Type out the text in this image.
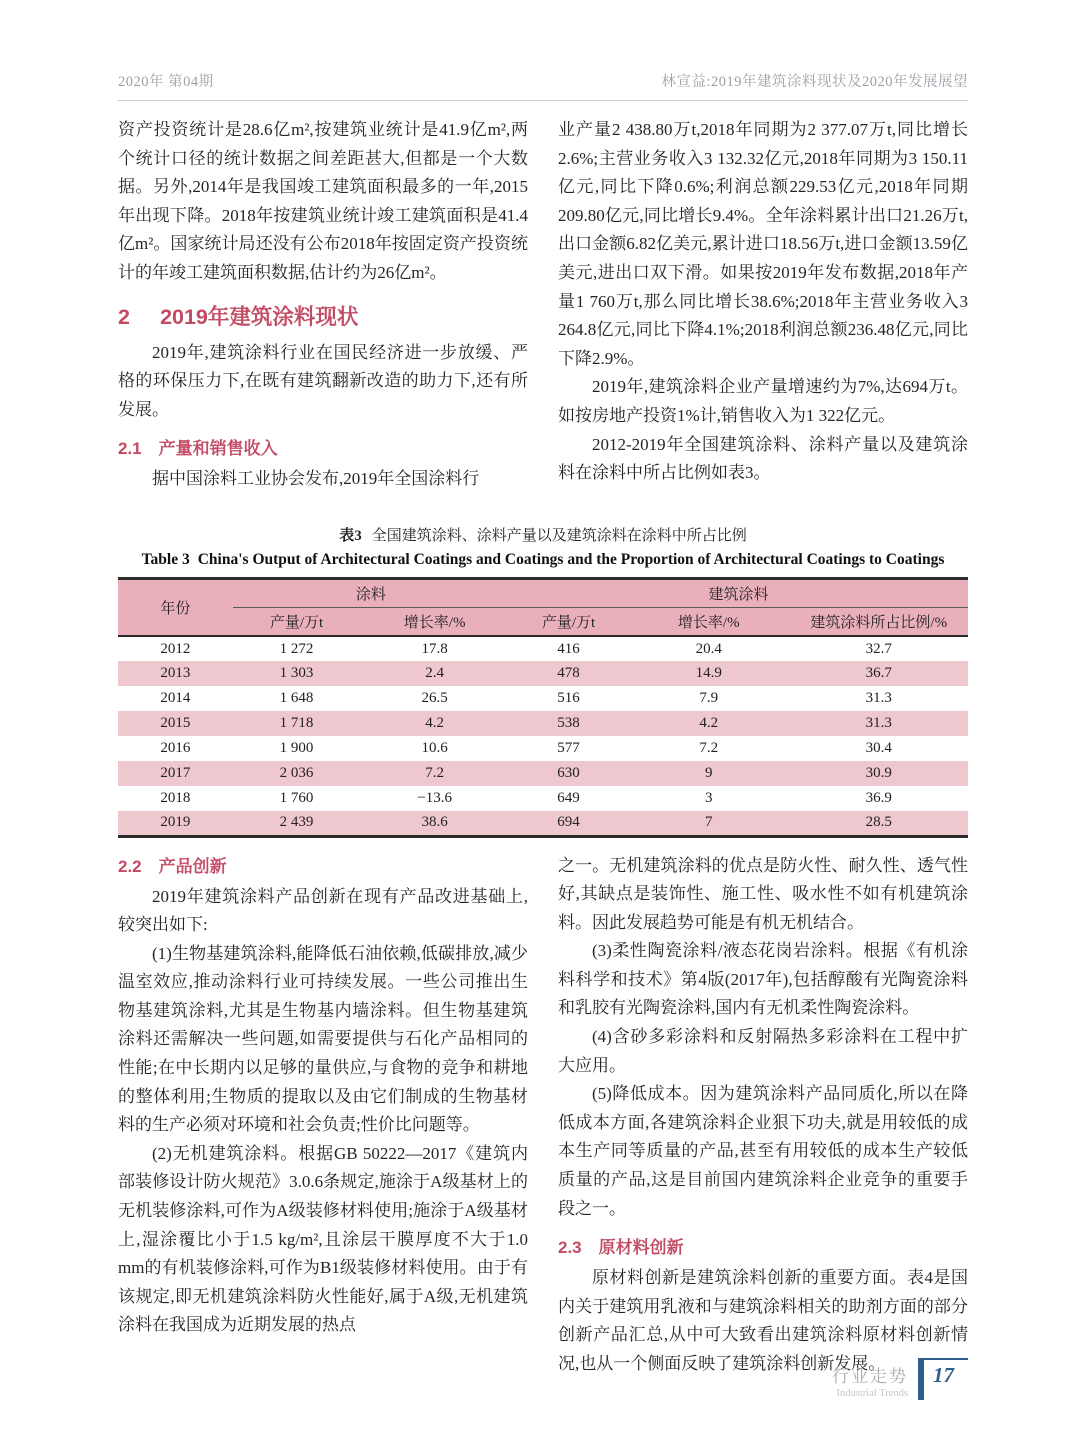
2020年 第04期	林宣益:2019年建筑涂料现状及2020年发展展望

资产投资统计是28.6亿m²,按建筑业统计是41.9亿m²,两个统计口径的统计数据之间差距甚大,但都是一个大数据。另外,2014年是我国竣工建筑面积最多的一年,2015年出现下降。2018年按建筑业统计竣工建筑面积是41.4亿m²。国家统计局还没有公布2018年按固定资产投资统计的年竣工建筑面积数据,估计约为26亿m²。

2 2019年建筑涂料现状

2019年,建筑涂料行业在国民经济进一步放缓、严格的环保压力下,在既有建筑翻新改造的助力下,还有所发展。

2.1 产量和销售收入

据中国涂料工业协会发布,2019年全国涂料行

业产量2 438.80万t,2018年同期为2 377.07万t,同比增长2.6%;主营业务收入3 132.32亿元,2018年同期为3 150.11亿元,同比下降0.6%;利润总额229.53亿元,2018年同期209.80亿元,同比增长9.4%。全年涂料累计出口21.26万t,出口金额6.82亿美元,累计进口18.56万t,进口金额13.59亿美元,进出口双下滑。如果按2019年发布数据,2018年产量1 760万t,那么同比增长38.6%;2018年主营业务收入3 264.8亿元,同比下降4.1%;2018利润总额236.48亿元,同比下降2.9%。

2019年,建筑涂料企业产量增速约为7%,达694万t。如按房地产投资1%计,销售收入为1 322亿元。

2012-2019年全国建筑涂料、涂料产量以及建筑涂料在涂料中所占比例如表3。

表3 全国建筑涂料、涂料产量以及建筑涂料在涂料中所占比例

Table 3 China's Output of Architectural Coatings and Coatings and the Proportion of Architectural Coatings to Coatings

年份	涂料		建筑涂料		
	产量/万t	增长率/%	产量/万t	增长率/%	建筑涂料所占比例/%
2012	1 272	17.8	416	20.4	32.7
2013	1 303	2.4	478	14.9	36.7
2014	1 648	26.5	516	7.9	31.3
2015	1 718	4.2	538	4.2	31.3
2016	1 900	10.6	577	7.2	30.4
2017	2 036	7.2	630	9	30.9
2018	1 760	−13.6	649	3	36.9
2019	2 439	38.6	694	7	28.5
2.2 产品创新

2019年建筑涂料产品创新在现有产品改进基础上,较突出如下:

(1)生物基建筑涂料,能降低石油依赖,低碳排放,减少温室效应,推动涂料行业可持续发展。一些公司推出生物基建筑涂料,尤其是生物基内墙涂料。但生物基建筑涂料还需解决一些问题,如需要提供与石化产品相同的性能;在中长期内以足够的量供应,与食物的竞争和耕地的整体利用;生物质的提取以及由它们制成的生物基材料的生产必须对环境和社会负责;性价比问题等。

(2)无机建筑涂料。根据GB 50222—2017《建筑内部装修设计防火规范》3.0.6条规定,施涂于A级基材上的无机装修涂料,可作为A级装修材料使用;施涂于A级基材上,湿涂覆比小于1.5 kg/m²,且涂层干膜厚度不大于1.0 mm的有机装修涂料,可作为B1级装修材料使用。由于有该规定,即无机建筑涂料防火性能好,属于A级,无机建筑涂料在我国成为近期发展的热点

之一。无机建筑涂料的优点是防火性、耐久性、透气性好,其缺点是装饰性、施工性、吸水性不如有机建筑涂料。因此发展趋势可能是有机无机结合。

(3)柔性陶瓷涂料/液态花岗岩涂料。根据《有机涂料科学和技术》第4版(2017年),包括醇酸有光陶瓷涂料和乳胶有光陶瓷涂料,国内有无机柔性陶瓷涂料。

(4)含砂多彩涂料和反射隔热多彩涂料在工程中扩大应用。

(5)降低成本。因为建筑涂料产品同质化,所以在降低成本方面,各建筑涂料企业狠下功夫,就是用较低的成本生产同等质量的产品,甚至有用较低的成本生产较低质量的产品,这是目前国内建筑涂料企业竞争的重要手段之一。

2.3 原材料创新

原材料创新是建筑涂料创新的重要方面。表4是国内关于建筑用乳液和与建筑涂料相关的助剂方面的部分创新产品汇总,从中可大致看出建筑涂料原材料创新情况,也从一个侧面反映了建筑涂料创新发展。

行业走势
Industrial Trends
17
